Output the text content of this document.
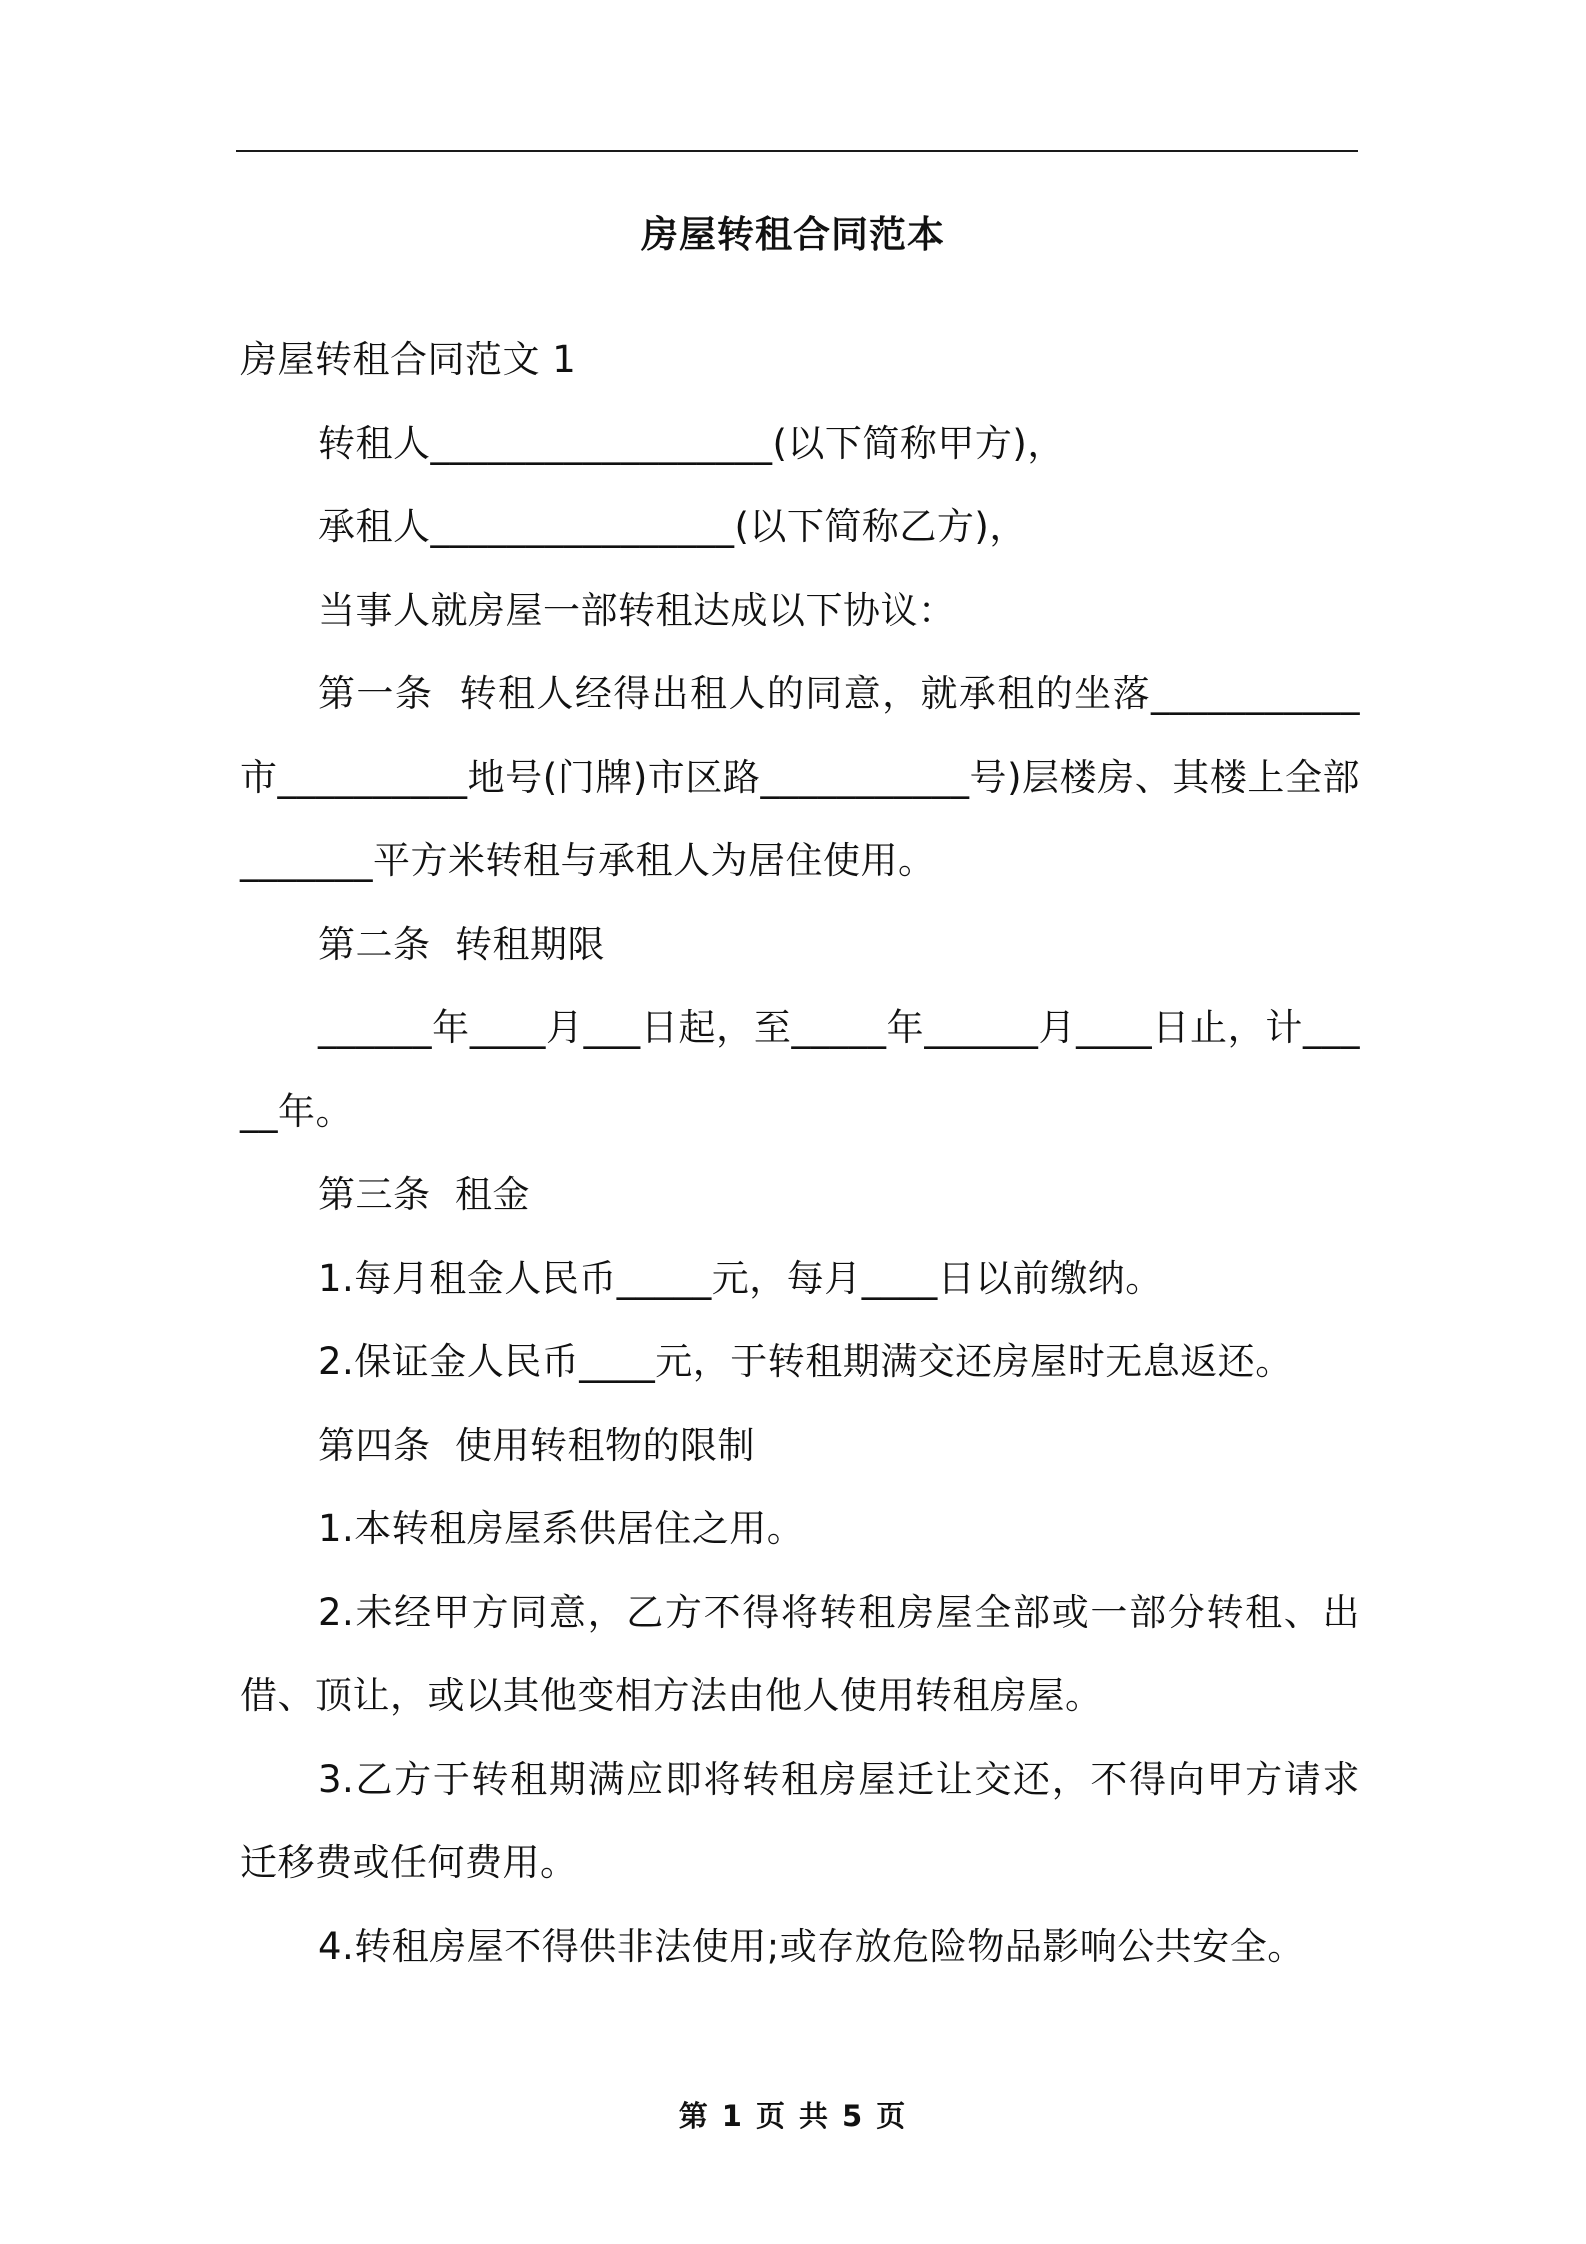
房屋转租合同范本

房屋转租合同范文 1

转租人__________________(以下简称甲方)，

承租人________________(以下简称乙方)，

当事人就房屋一部转租达成以下协议：

第一条  转租人经得出租人的同意，就承租的坐落___________市__________地号(门牌)市区路___________号)层楼房、其楼上全部_______平方米转租与承租人为居住使用。

第二条  转租期限

______年____月___日起，至_____年______月____日止，计_____年。

第三条  租金

1.每月租金人民币_____元，每月____日以前缴纳。

2.保证金人民币____元，于转租期满交还房屋时无息返还。

第四条  使用转租物的限制

1.本转租房屋系供居住之用。

2.未经甲方同意，乙方不得将转租房屋全部或一部分转租、出借、顶让，或以其他变相方法由他人使用转租房屋。

3.乙方于转租期满应即将转租房屋迁让交还，不得向甲方请求迁移费或任何费用。

4.转租房屋不得供非法使用;或存放危险物品影响公共安全。

第 1 页 共 5 页
